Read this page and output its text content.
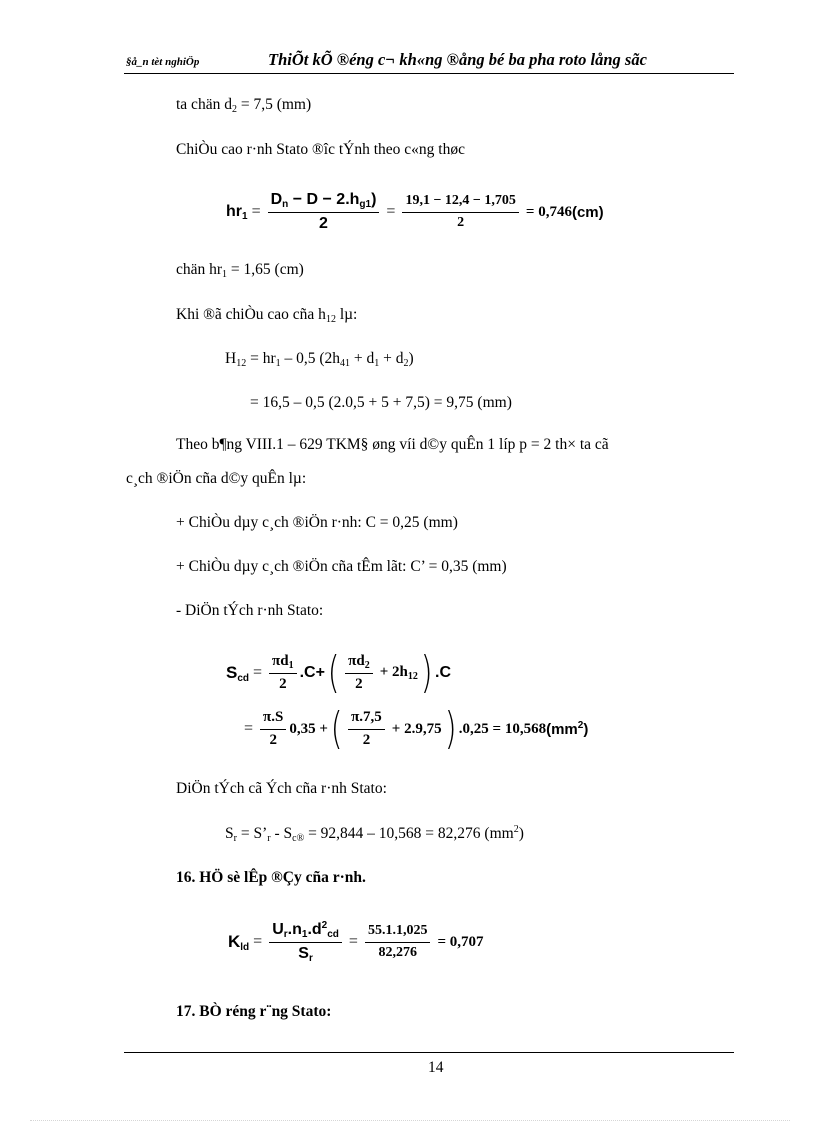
§å_n tèt nghiÖp	ThiÕt kÕ ®éng c¬ kh«ng ®ång bé ba pha roto lång sãc
ta chän $d_2 = 7,5$ (mm)
ChiÒu cao r·nh Stato ®îc tÝnh theo c«ng thøc
$hr_1 = \frac{D_n - D - 2.h_{g1})}{2} = \frac{19,1 - 12,4 - 1,705}{2} = 0,746$ (cm)
chän $hr_1 = 1,65$ (cm)
Khi ®ã chiÒu cao cña $h_{12}$ lµ:
$H_{12} = hr_1 - 0,5$ $(2h_{41} + d_1 + d_2)$
= 16,5 – 0,5 (2.0,5 + 5 + 7,5) = 9,75 (mm)
Theo b¶ng VIII.1 – 629 TKM§ øng víi d©y quÊn 1 líp p = 2 th× ta cã
c¸ch ®iÖn cña d©y quÊn lµ:
+ ChiÒu dµy c¸ch ®iÖn r·nh: C = 0,25 (mm)
+ ChiÒu dµy c¸ch ®iÖn cña tÊm lãt: C’ = 0,35 (mm)
- DiÖn tÝch r·nh Stato:
$S_{cd} = \frac{\pi d_1}{2} .C+$ ( $\frac{\pi d_2}{2} + 2h_{12}$ ) .C
= $\frac{\pi.S}{2} 0,35$ + ( $\frac{\pi.7,5}{2} + 2.9,75$ ) .0,25 = 10,568 $(mm^2)$
DiÖn tÝch cã Ých cña r·nh Stato:
$S_r$ = $S’_r - S_{c®} = 92,844 - 10,568 = 82,276$ $(mm^2)$
16. HÖ sè lÊp ®Çy cña r·nh.
$K_{ld} = \frac{U_r.n_1.d^2_{cd}}{S_r} = \frac{55.1.1,025}{82,276} = 0,707$
17. BÒ réng r¨ng Stato:
14
